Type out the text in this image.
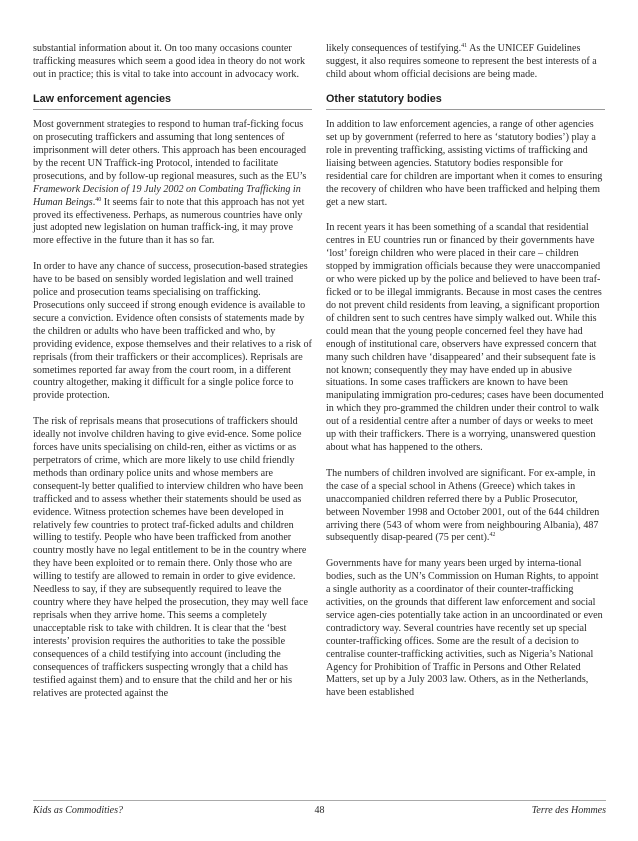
substantial information about it. On too many occasions counter trafficking measures which seem a good idea in theory do not work out in practice; this is vital to take into account in advocacy work.

Law enforcement agencies

Most government strategies to respond to human traf-ficking focus on prosecuting traffickers and assuming that long sentences of imprisonment will deter others. This approach has been encouraged by the recent UN Traffick-ing Protocol, intended to facilitate prosecutions, and by follow-up regional measures, such as the EU’s Framework Decision of 19 July 2002 on Combating Trafficking in Human Beings.$^{40}$ It seems fair to note that this approach has not yet proved its effectiveness. Perhaps, as numerous countries have only just adopted new legislation on human traffick-ing, it may prove more effective in the future than it has so far.

In order to have any chance of success, prosecution-based strategies have to be based on sensibly worded legislation and well trained police and prosecution teams specialising on trafficking. Prosecutions only succeed if strong enough evidence is available to secure a conviction. Evidence often consists of statements made by the children or adults who have been trafficked and who, by providing evidence, expose themselves and their relatives to a risk of reprisals (from their traffickers or their accomplices). Reprisals are sometimes reported far away from the court room, in a different country altogether, making it difficult for a single police force to provide protection.

The risk of reprisals means that prosecutions of traffickers should ideally not involve children having to give evid-ence. Some police forces have units specialising on child-ren, either as victims or as perpetrators of crime, which are more likely to use child friendly methods than ordinary police units and whose members are consequent-ly better qualified to interview children who have been trafficked and to assess whether their statements should be used as evidence. Witness protection schemes have been developed in relatively few countries to protect traf-ficked adults and children willing to testify. People who have been trafficked from another country mostly have no legal entitlement to be in the country where they have been exploited or to remain there. Only those who are willing to testify are allowed to remain in order to give evidence. Needless to say, if they are subsequently required to leave the country where they have helped the prosecution, they may well face reprisals when they arrive home. This seems a completely unacceptable risk to take with children. It is clear that the ‘best interests’ provision requires the authorities to take the possible consequences of a child testifying into account (including the consequences of traffickers suspecting wrongly that a child has testified against them) and to ensure that the child and her or his relatives are protected against the

likely consequences of testifying.$^{41}$ As the UNICEF Guidelines suggest, it also requires someone to represent the best interests of a child about whom official decisions are being made.

Other statutory bodies

In addition to law enforcement agencies, a range of other agencies set up by government (referred to here as ‘statutory bodies’) play a role in preventing trafficking, assisting victims of trafficking and liaising between agencies. Statutory bodies responsible for residential care for children are important when it comes to ensuring the recovery of children who have been trafficked and helping them get a new start.

In recent years it has been something of a scandal that residential centres in EU countries run or financed by their governments have ‘lost’ foreign children who were placed in their care – children stopped by immigration officials because they were unaccompanied or who were picked up by the police and believed to have been traf-ficked or to be illegal immigrants. Because in most cases the centres do not prevent child residents from leaving, a significant proportion of children sent to such centres have simply walked out. While this could mean that the young people concerned feel they have had enough of institutional care, observers have expressed concern that many such children have ‘disappeared’ and their subsequent fate is not known; consequently they may have ended up in abusive situations. In some cases traffickers are known to have been manipulating immigration pro-cedures; cases have been documented in which they pro-grammed the children under their control to walk out of a residential centre after a number of days or weeks to meet up with their traffickers. There is a worrying, unanswered question about what has happened to the others.

The numbers of children involved are significant. For ex-ample, in the case of a special school in Athens (Greece) which takes in unaccompanied children referred there by a Public Prosecutor, between November 1998 and October 2001, out of the 644 children arriving there (543 of whom were from neighbouring Albania), 487 subsequently disap-peared (75 per cent).$^{42}$

Governments have for many years been urged by interna-tional bodies, such as the UN’s Commission on Human Rights, to appoint a single authority as a coordinator of their counter-trafficking activities, on the grounds that different law enforcement and social service agen-cies potentially take action in an uncoordinated or even contradictory way. Several countries have recently set up special counter-trafficking offices. Some are the result of a decision to centralise counter-trafficking activities, such as Nigeria’s National Agency for Prohibition of Traffic in Persons and Other Related Matters, set up by a July 2003 law. Others, as in the Netherlands, have been established

Kids as Commodities?	48	Terre des Hommes
